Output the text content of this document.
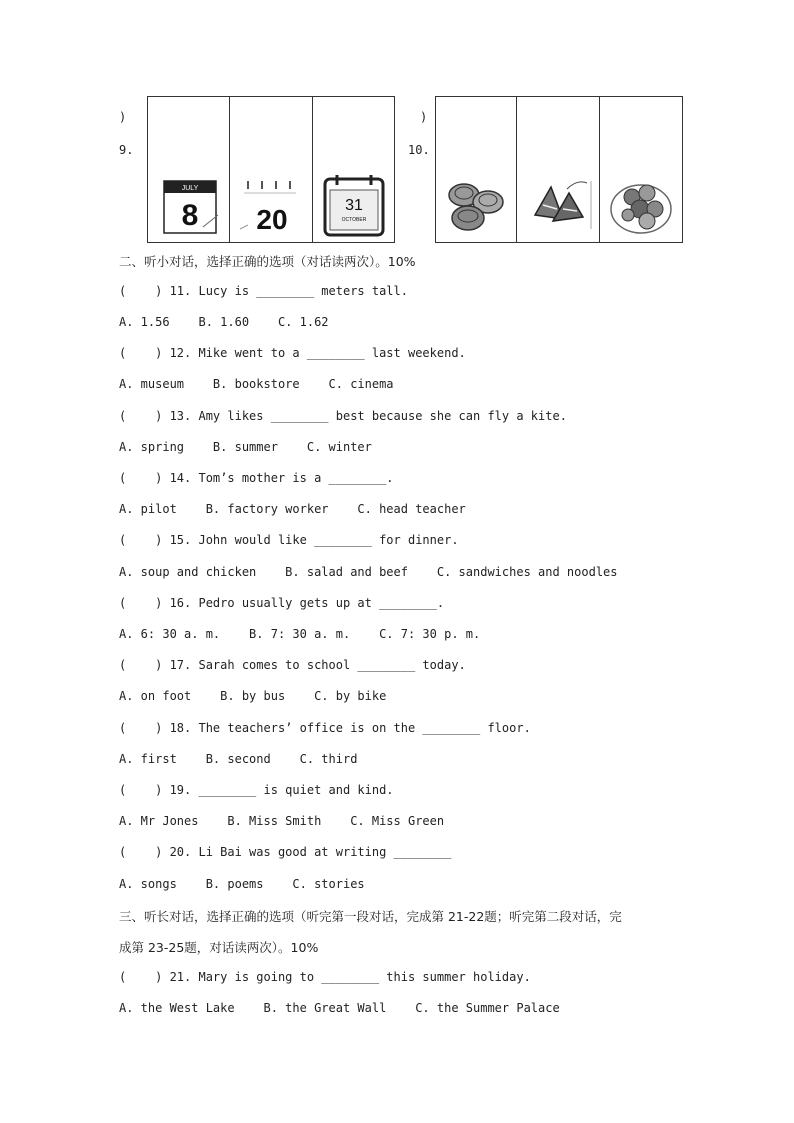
)
9.
JULY
8 20	31
OCTOBER
)
10.
二、听小对话，选择正确的选项（对话读两次）。10%
(    ) 11. Lucy is ________ meters tall.
A. 1.56    B. 1.60    C. 1.62
(    ) 12. Mike went to a ________ last weekend.
A. museum    B. bookstore    C. cinema
(    ) 13. Amy likes ________ best because she can fly a kite.
A. spring    B. summer    C. winter
(    ) 14. Tom’s mother is a ________.
A. pilot    B. factory worker    C. head teacher
(    ) 15. John would like ________ for dinner.
A. soup and chicken    B. salad and beef    C. sandwiches and noodles
(    ) 16. Pedro usually gets up at ________.
A. 6: 30 a. m.    B. 7: 30 a. m.    C. 7: 30 p. m.
(    ) 17. Sarah comes to school ________ today.
A. on foot    B. by bus    C. by bike
(    ) 18. The teachers’ office is on the ________ floor.
A. first    B. second    C. third
(    ) 19. ________ is quiet and kind.
A. Mr Jones    B. Miss Smith    C. Miss Green
(    ) 20. Li Bai was good at writing ________
A. songs    B. poems    C. stories
三、听长对话，选择正确的选项（听完第一段对话，完成第 21-22题；听完第二段对话，完
成第 23-25题，对话读两次）。10%
(    ) 21. Mary is going to ________ this summer holiday.
A. the West Lake    B. the Great Wall    C. the Summer Palace
